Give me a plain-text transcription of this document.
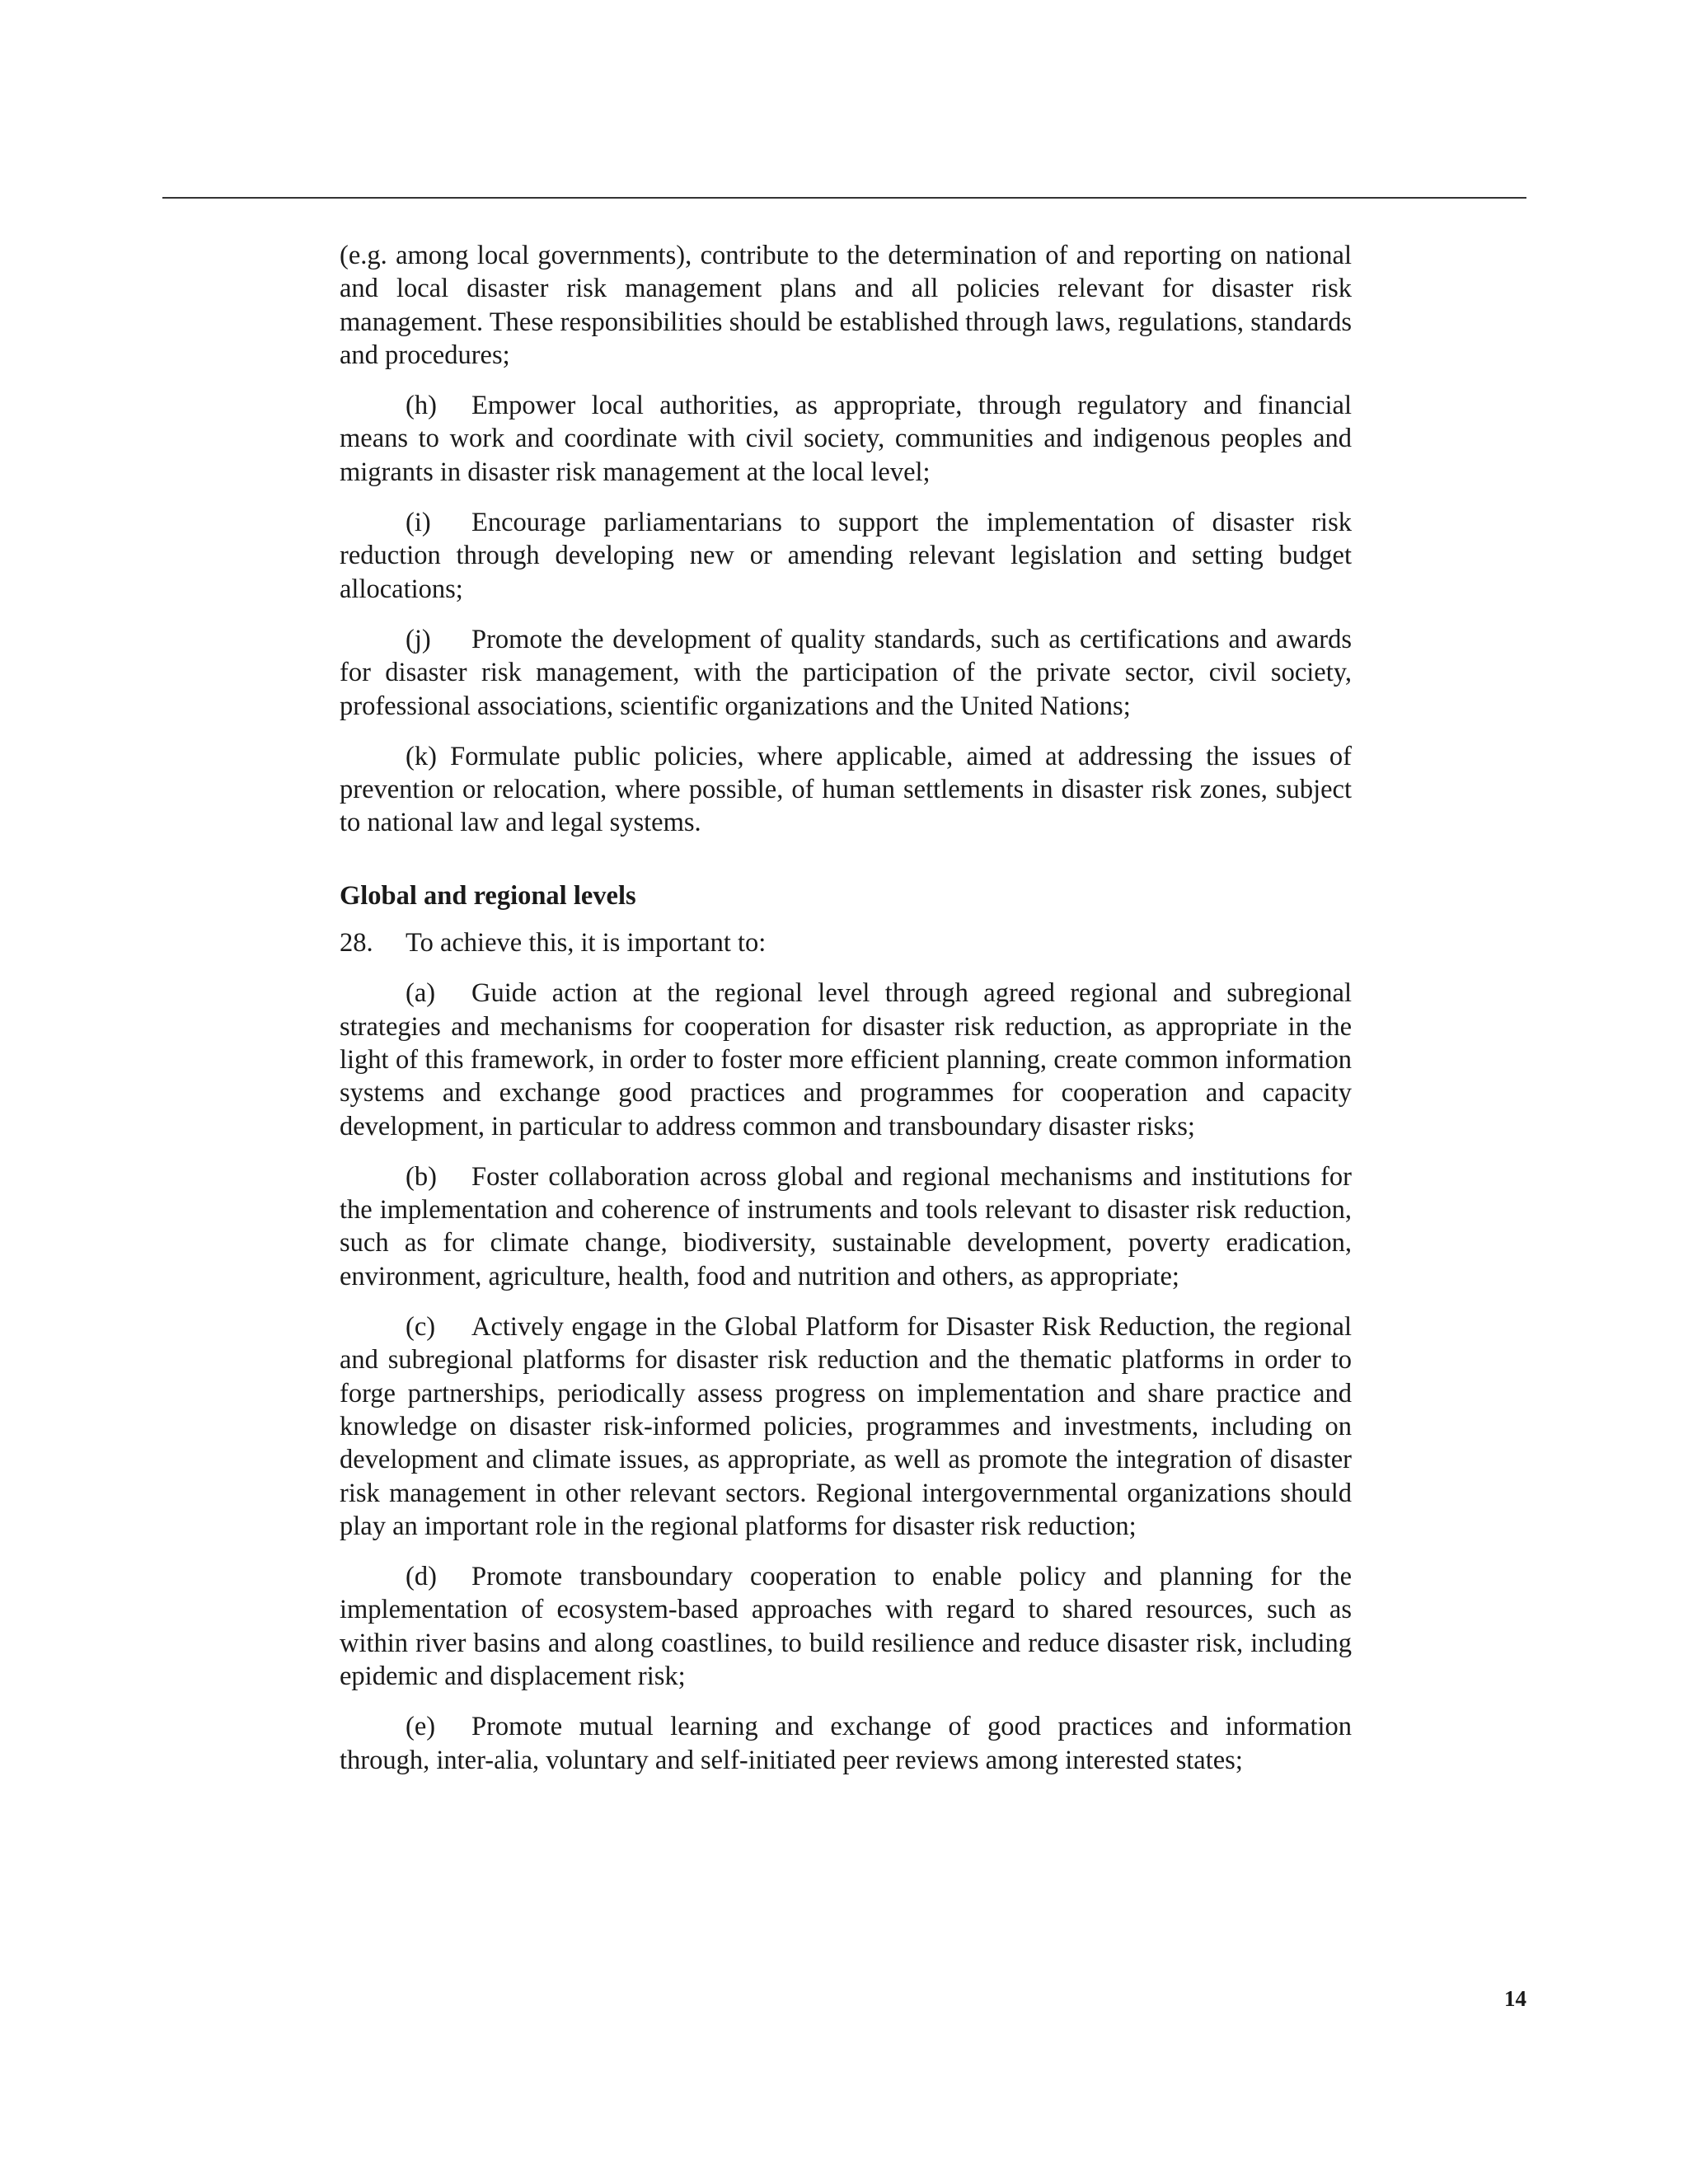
(e.g. among local governments), contribute to the determination of and reporting on national and local disaster risk management plans and all policies relevant for disaster risk management. These responsibilities should be established through laws, regulations, standards and procedures;

(h) Empower local authorities, as appropriate, through regulatory and financial means to work and coordinate with civil society, communities and indigenous peoples and migrants in disaster risk management at the local level;

(i) Encourage parliamentarians to support the implementation of disaster risk reduction through developing new or amending relevant legislation and setting budget allocations;

(j) Promote the development of quality standards, such as certifications and awards for disaster risk management, with the participation of the private sector, civil society, professional associations, scientific organizations and the United Nations;

(k) Formulate public policies, where applicable, aimed at addressing the issues of prevention or relocation, where possible, of human settlements in disaster risk zones, subject to national law and legal systems.

Global and regional levels

28. To achieve this, it is important to:

(a) Guide action at the regional level through agreed regional and subregional strategies and mechanisms for cooperation for disaster risk reduction, as appropriate in the light of this framework, in order to foster more efficient planning, create common information systems and exchange good practices and programmes for cooperation and capacity development, in particular to address common and transboundary disaster risks;

(b) Foster collaboration across global and regional mechanisms and institutions for the implementation and coherence of instruments and tools relevant to disaster risk reduction, such as for climate change, biodiversity, sustainable development, poverty eradication, environment, agriculture, health, food and nutrition and others, as appropriate;

(c) Actively engage in the Global Platform for Disaster Risk Reduction, the regional and subregional platforms for disaster risk reduction and the thematic platforms in order to forge partnerships, periodically assess progress on implementation and share practice and knowledge on disaster risk-informed policies, programmes and investments, including on development and climate issues, as appropriate, as well as promote the integration of disaster risk management in other relevant sectors. Regional intergovernmental organizations should play an important role in the regional platforms for disaster risk reduction;

(d) Promote transboundary cooperation to enable policy and planning for the implementation of ecosystem-based approaches with regard to shared resources, such as within river basins and along coastlines, to build resilience and reduce disaster risk, including epidemic and displacement risk;

(e) Promote mutual learning and exchange of good practices and information through, inter-alia, voluntary and self-initiated peer reviews among interested states;

14
